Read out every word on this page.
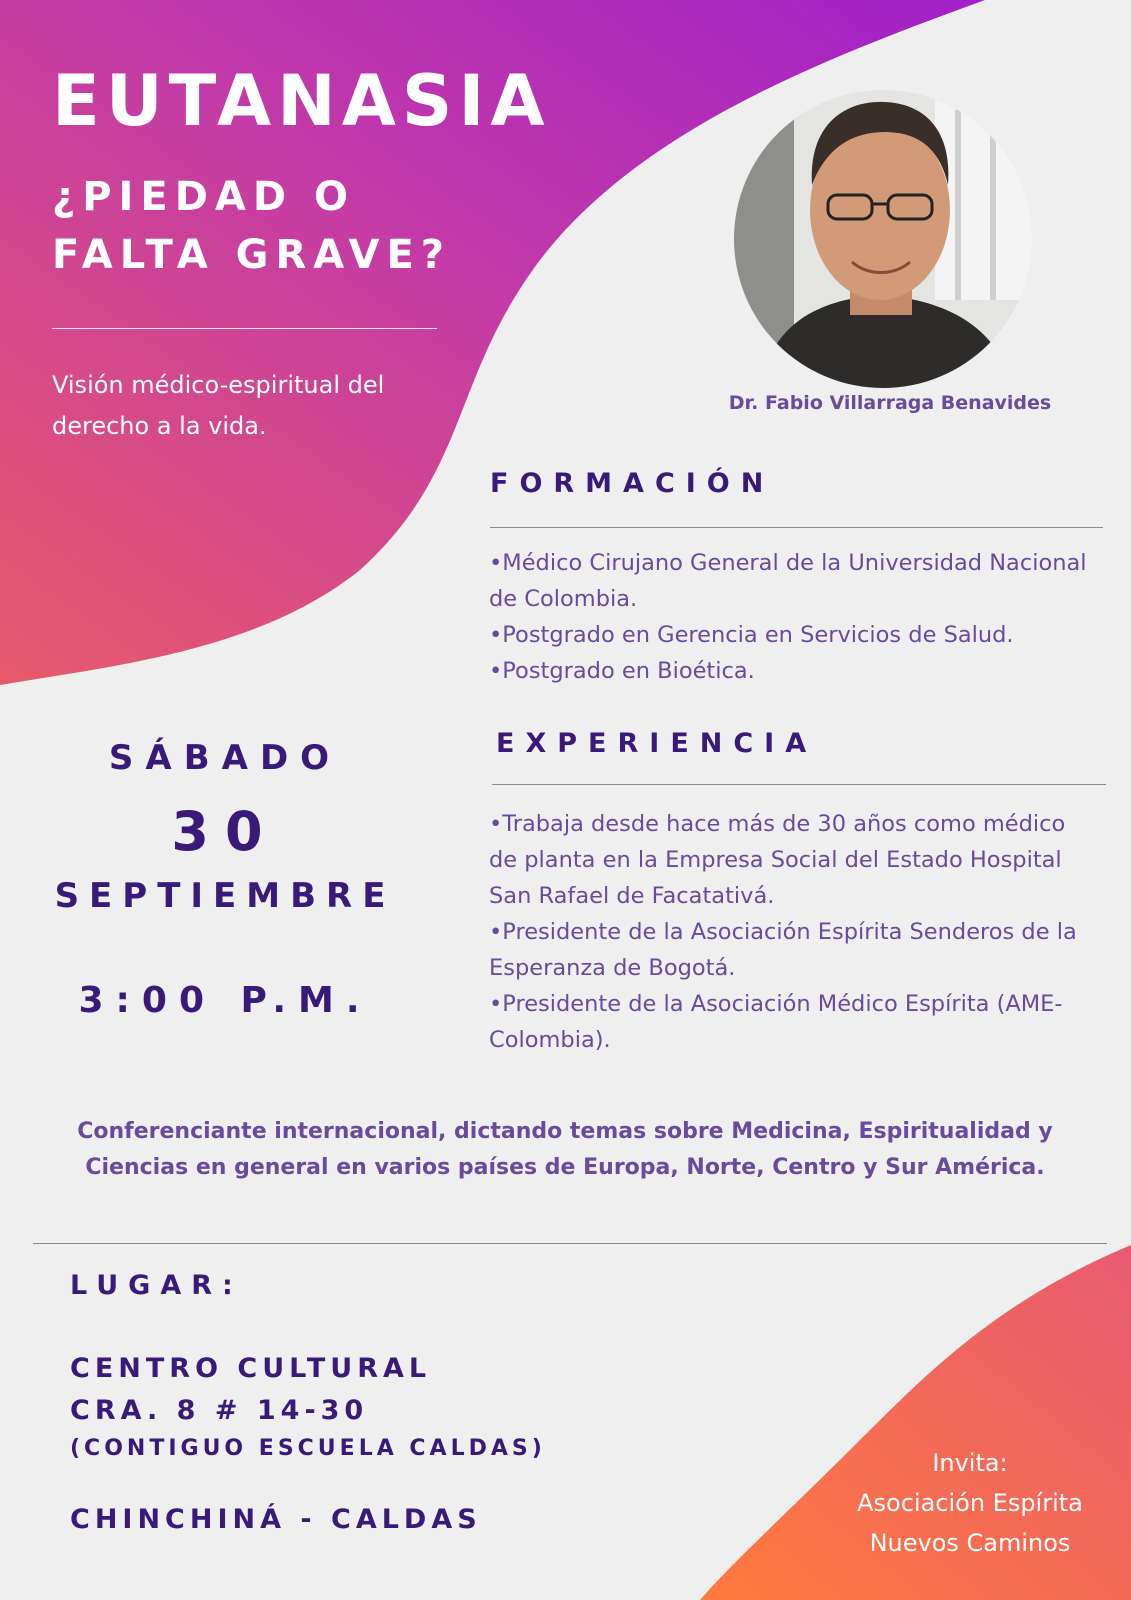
EUTANASIA
¿PIEDAD O FALTA GRAVE?

Visión médico-espiritual del derecho a la vida.

Dr. Fabio Villarraga Benavides

FORMACIÓN
• Médico Cirujano General de la Universidad Nacional de Colombia.
• Postgrado en Gerencia en Servicios de Salud.
• Postgrado en Bioética.
EXPERIENCIA
• Trabaja desde hace más de 30 años como médico de planta en la Empresa Social del Estado Hospital San Rafael de Facatativá.
• Presidente de la Asociación Espírita Senderos de la Esperanza de Bogotá.
• Presidente de la Asociación Médico Espírita (AME-Colombia).

SÁBADO

30

SEPTIEMBRE

3:00 P.M.

Conferenciante internacional, dictando temas sobre Medicina, Espiritualidad y Ciencias en general en varios países de Europa, Norte, Centro y Sur América.

LUGAR:

CENTRO CULTURAL

CRA. 8 # 14-30

(CONTIGUO ESCUELA CALDAS)

CHINCHINÁ - CALDAS

Invita:
Asociación Espírita
Nuevos Caminos
